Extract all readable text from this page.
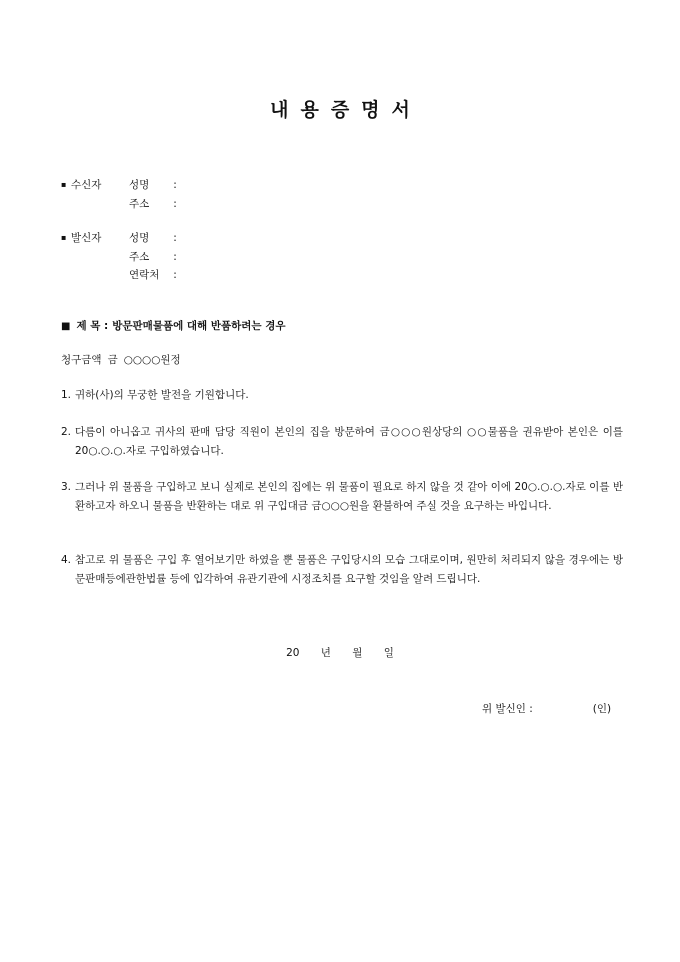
내용증명서
▪ 수신자	성명 :
주소 :
▪ 발신자	성명 :
주소 :
연락처 :
■ 제 목 : 방문판매물품에 대해 반품하려는 경우
청구금액 금 ○○○○원정
1. 귀하(사)의 무궁한 발전을 기원합니다.
2. 다름이 아니옵고 귀사의 판매 담당 직원이 본인의 집을 방문하여 금○○○원상당의 ○○물품을 권유받아 본인은 이를 20○.○.○.자로 구입하였습니다.
3. 그러나 위 물품을 구입하고 보니 실제로 본인의 집에는 위 물품이 필요로 하지 않을 것 같아 이에 20○.○.○.자로 이를 반환하고자 하오니 물품을 반환하는 대로 위 구입대금 금○○○원을 환불하여 주실 것을 요구하는 바입니다.
4. 참고로 위 물품은 구입 후 열어보기만 하였을 뿐 물품은 구입당시의 모습 그대로이며, 원만히 처리되지 않을 경우에는 방문판매등에관한법률 등에 입각하여 유관기관에 시정조치를 요구할 것임을 알려 드립니다.
20 년 월 일
위 발신인 :	(인)
